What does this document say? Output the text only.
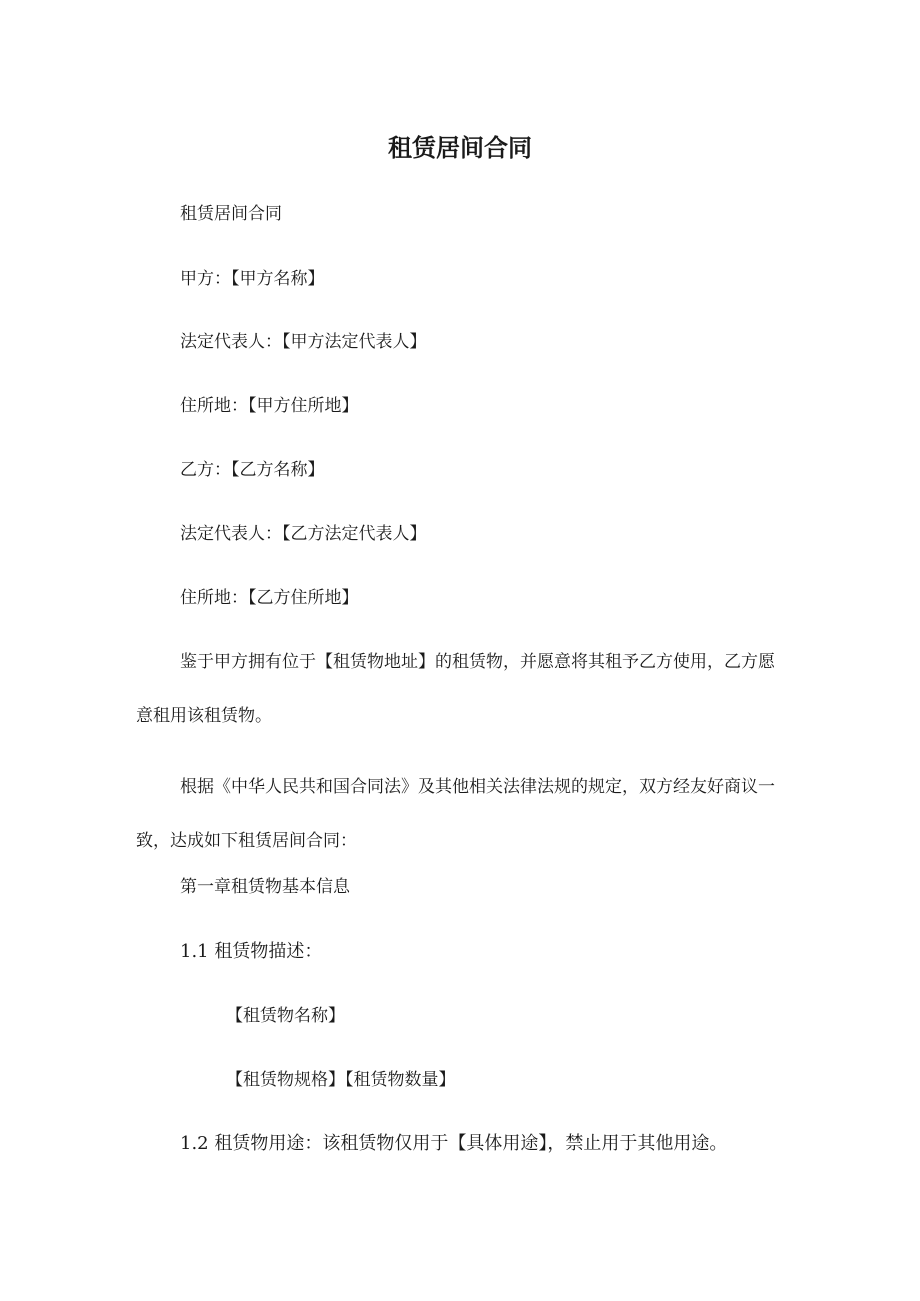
租赁居间合同
租赁居间合同
甲方：【甲方名称】
法定代表人：【甲方法定代表人】
住所地：【甲方住所地】
乙方：【乙方名称】
法定代表人：【乙方法定代表人】
住所地：【乙方住所地】
鉴于甲方拥有位于【租赁物地址】的租赁物，并愿意将其租予乙方使用，乙方愿意租用该租赁物。
根据《中华人民共和国合同法》及其他相关法律法规的规定，双方经友好商议一致，达成如下租赁居间合同：
第一章租赁物基本信息
1.1 租赁物描述：
【租赁物名称】
【租赁物规格】【租赁物数量】
1.2 租赁物用途：该租赁物仅用于【具体用途】，禁止用于其他用途。
